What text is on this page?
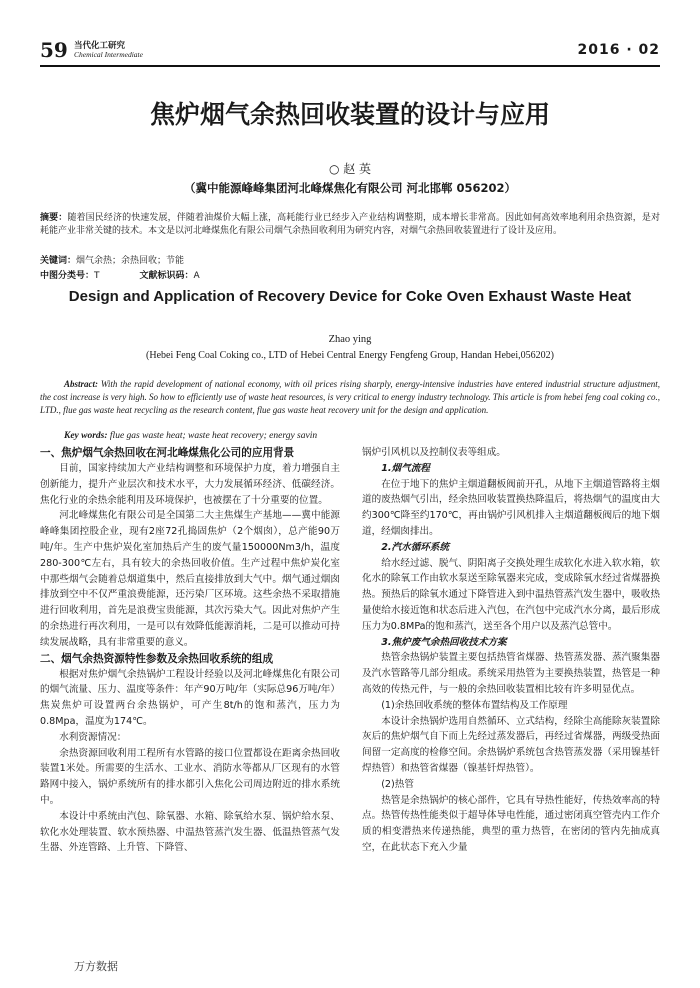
59 当代化工研究
Chemical Intermediate	2016 · 02
焦炉烟气余热回收装置的设计与应用
○ 赵 英
（冀中能源峰峰集团河北峰煤焦化有限公司 河北邯郸 056202）
摘要：随着国民经济的快速发展，伴随着油煤价大幅上涨，高耗能行业已经步入产业结构调整期，成本增长非常高。因此如何高效率地利用余热资源，是对耗能产业非常关键的技术。本文是以河北峰煤焦化有限公司烟气余热回收利用为研究内容，对烟气余热回收装置进行了设计及应用。
关键词：烟气余热；余热回收；节能
中图分类号：T	文献标识码：A
Design and Application of Recovery Device for Coke Oven Exhaust Waste Heat
Zhao ying
(Hebei Feng Coal Coking co., LTD of Hebei Central Energy Fengfeng Group, Handan Hebei,056202)
Abstract: With the rapid development of national economy, with oil prices rising sharply, energy-intensive industries have entered industrial structure adjustment, the cost increase is very high. So how to efficiently use of waste heat resources, is very critical to energy industry technology. This article is from hebei feng coal coking co., LTD., flue gas waste heat recycling as the research content, flue gas waste heat recovery unit for the design and application.
Key words: flue gas waste heat; waste heat recovery; energy savin
一、焦炉烟气余热回收在河北峰煤焦化公司的应用背景

目前，国家持续加大产业结构调整和环境保护力度，着力增强自主创新能力，提升产业层次和技术水平，大力发展循环经济、低碳经济。焦化行业的余热余能利用及环境保护，也被摆在了十分重要的位置。

河北峰煤焦化有限公司是全国第二大主焦煤生产基地——冀中能源峰峰集团控股企业，现有2座72孔捣固焦炉（2个烟囱），总产能90万吨/年。生产中焦炉炭化室加热后产生的废气量150000Nm3/h，温度280-300℃左右，具有较大的余热回收价值。生产过程中焦炉炭化室中那些烟气会随着总烟道集中，然后直接排放到大气中。烟气通过烟囱排放到空中不仅严重浪费能源，还污染厂区环境。这些余热不采取措施进行回收利用，首先是浪费宝贵能源，其次污染大气。因此对焦炉产生的余热进行再次利用，一是可以有效降低能源消耗，二是可以推动可持续发展战略，具有非常重要的意义。

二、烟气余热资源特性参数及余热回收系统的组成

根据对焦炉烟气余热锅炉工程设计经验以及河北峰煤焦化有限公司的烟气流量、压力、温度等条件：年产90万吨/年（实际总96万吨/年）焦炭焦炉可设置两台余热锅炉，可产生8t/h的饱和蒸汽，压力为0.8Mpa，温度为174℃。

水利资源情况：

余热资源回收利用工程所有水管路的接口位置都设在距离余热回收装置1米处。所需要的生活水、工业水、消防水等都从厂区现有的水管路网中接入，锅炉系统所有的排水都引入焦化公司周边附近的排水系统中。

本设计中系统由汽包、除氧器、水箱、除氧给水泵、锅炉给水泵、软化水处理装置、软水预热器、中温热管蒸汽发生器、低温热管蒸气发生器、外连管路、上升管、下降管、

锅炉引风机以及控制仪表等组成。

1.烟气流程

在位于地下的焦炉主烟道翻板阀前开孔，从地下主烟道管路将主烟道的废热烟气引出，经余热回收装置换热降温后，将热烟气的温度由大约300℃降至约170℃，再由锅炉引风机排入主烟道翻板阀后的地下烟道，经烟囱排出。

2.汽水循环系统

给水经过滤、脱气、阴阳离子交换处理生成软化水进入软水箱，软化水的除氧工作由软水泵送至除氧器来完成，变成除氧水经过省煤器换热。预热后的除氧水通过下降管进入到中温热管蒸汽发生器中，吸收热量使给水接近饱和状态后进入汽包，在汽包中完成汽水分离，最后形成压力为0.8MPa的饱和蒸汽，送至各个用户以及蒸汽总管中。

3.焦炉废气余热回收技术方案

热管余热锅炉装置主要包括热管省煤器、热管蒸发器、蒸汽聚集器及汽水管路等几部分组成。系统采用热管为主要换热装置，热管是一种高效的传热元件，与一般的余热回收装置相比较有许多明显优点。

(1)余热回收系统的整体布置结构及工作原理

本设计余热锅炉选用自然循环、立式结构，经除尘高能除灰装置除灰后的焦炉烟气自下而上先经过蒸发器后，再经过省煤器，两级受热面间留一定高度的检修空间。余热锅炉系统包含热管蒸发器（采用镍基钎焊热管）和热管省煤器（镍基钎焊热管）。

(2)热管

热管是余热锅炉的核心部件，它具有导热性能好，传热效率高的特点。热管传热性能类似于超导体导电性能，通过密闭真空管壳内工作介质的相变潜热来传递热能，典型的重力热管，在密闭的管内先抽成真空，在此状态下充入少量

万方数据
